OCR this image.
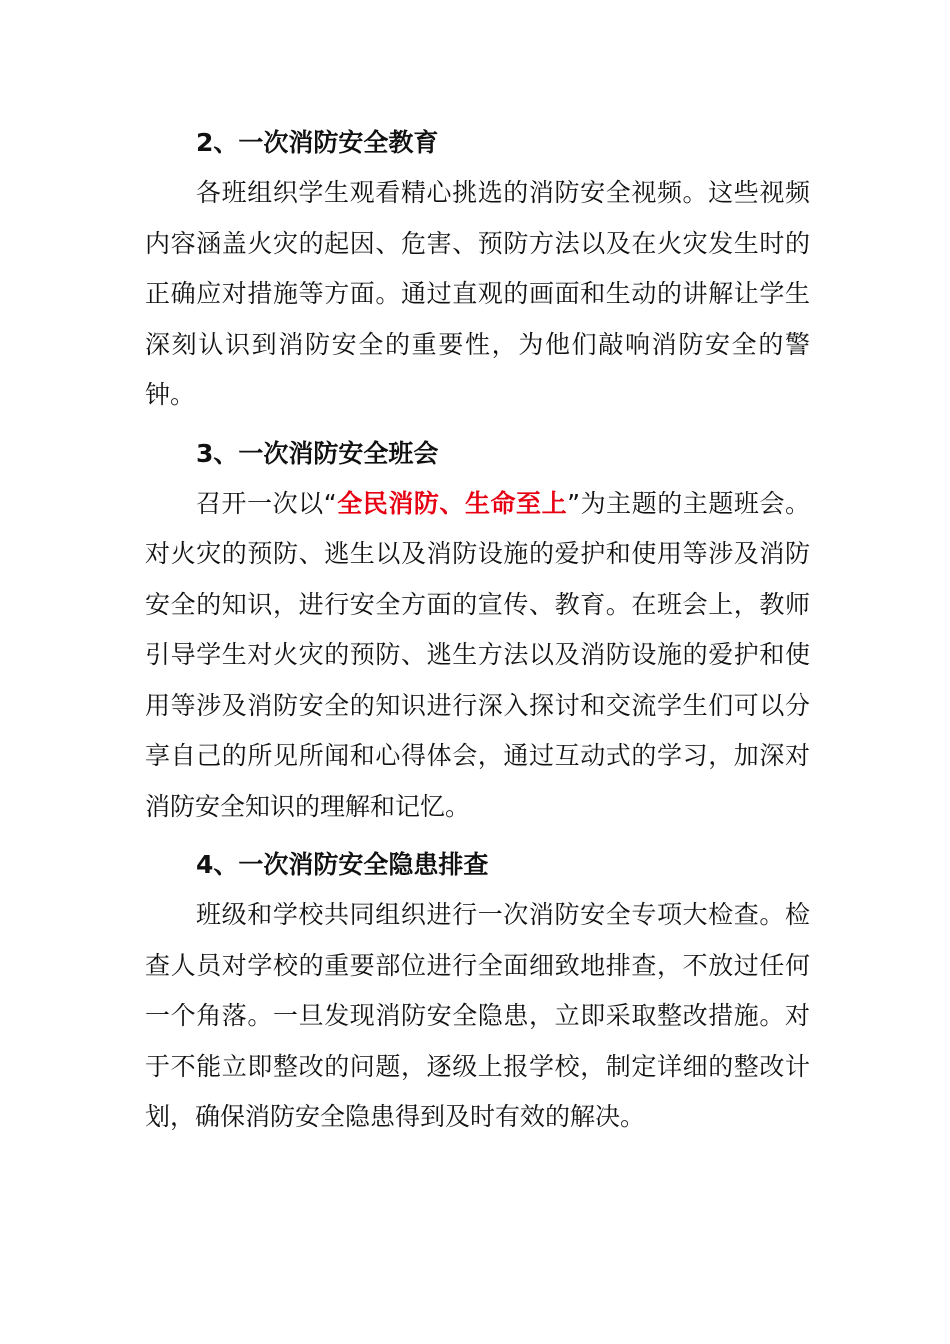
2、一次消防安全教育

各班组织学生观看精心挑选的消防安全视频。这些视频内容涵盖火灾的起因、危害、预防方法以及在火灾发生时的正确应对措施等方面。通过直观的画面和生动的讲解让学生深刻认识到消防安全的重要性，为他们敲响消防安全的警钟。

3、一次消防安全班会

召开一次以“全民消防、生命至上”为主题的主题班会。对火灾的预防、逃生以及消防设施的爱护和使用等涉及消防安全的知识，进行安全方面的宣传、教育。在班会上，教师引导学生对火灾的预防、逃生方法以及消防设施的爱护和使用等涉及消防安全的知识进行深入探讨和交流学生们可以分享自己的所见所闻和心得体会，通过互动式的学习，加深对消防安全知识的理解和记忆。

4、一次消防安全隐患排查

班级和学校共同组织进行一次消防安全专项大检查。检查人员对学校的重要部位进行全面细致地排查，不放过任何一个角落。一旦发现消防安全隐患，立即采取整改措施。对于不能立即整改的问题，逐级上报学校，制定详细的整改计划，确保消防安全隐患得到及时有效的解决。
